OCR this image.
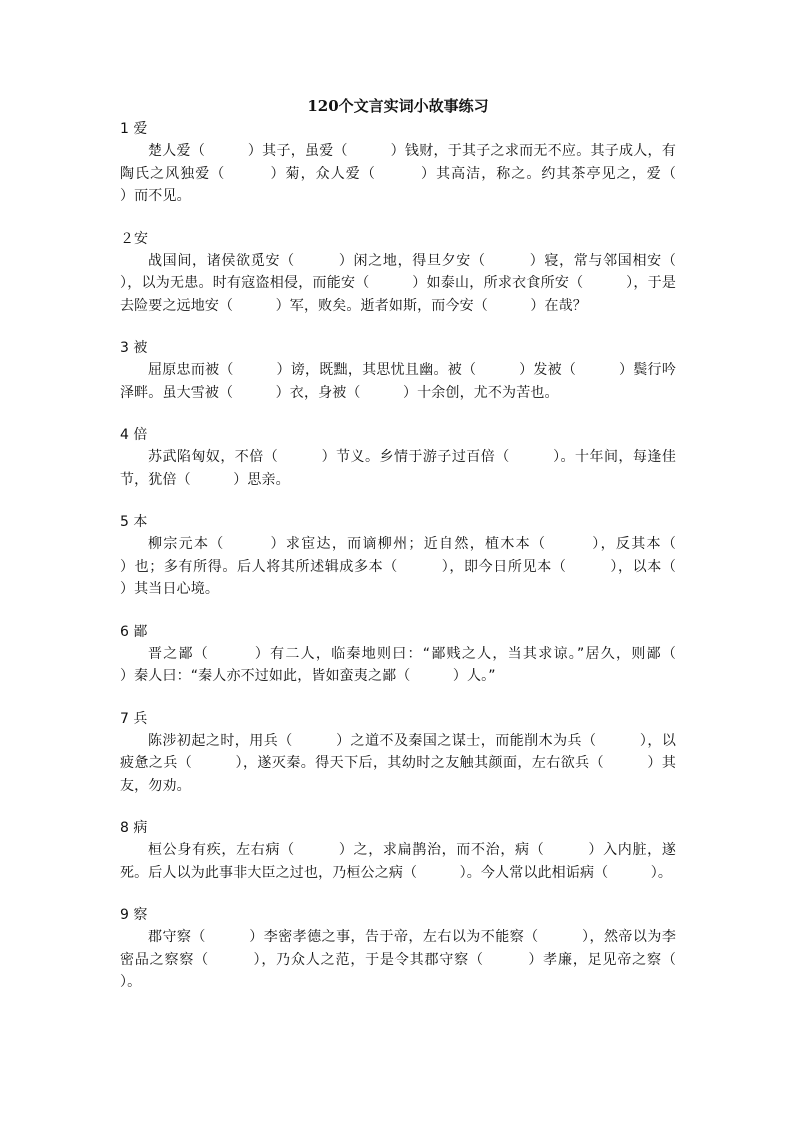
120个文言实词小故事练习
1 爱

楚人爱（　　　）其子，虽爱（　　　）钱财，于其子之求而无不应。其子成人，有陶氏之风独爱（　　　）菊，众人爱（　　　）其高洁，称之。约其茶亭见之，爱（　　　）而不见。

２安

战国间，诸侯欲觅安（　　　）闲之地，得旦夕安（　　　）寝，常与邻国相安（　　　），以为无患。时有寇盗相侵，而能安（　　　）如泰山，所求衣食所安（　　　），于是去险要之远地安（　　　）军，败矣。逝者如斯，而今安（　　　）在哉？

3 被

屈原忠而被（　　　）谤，既黜，其思忧且幽。被（　　　）发被（　　　）鬓行吟泽畔。虽大雪被（　　　）衣，身被（　　　）十余创，尤不为苦也。

4 倍

苏武陷匈奴，不倍（　　　）节义。乡情于游子过百倍（　　　）。十年间，每逢佳节，犹倍（　　　）思亲。

5 本

柳宗元本（　　　）求宦达，而谪柳州；近自然，植木本（　　　），反其本（　　　）也；多有所得。后人将其所述辑成多本（　　　），即今日所见本（　　　），以本（　　　）其当日心境。

6 鄙

晋之鄙（　　　）有二人，临秦地则曰：“鄙贱之人，当其求谅。”居久，则鄙（　　　）秦人曰：“秦人亦不过如此，皆如蛮夷之鄙（　　　）人。”

7 兵

陈涉初起之时，用兵（　　　）之道不及秦国之谋士，而能削木为兵（　　　），以疲惫之兵（　　　），遂灭秦。得天下后，其幼时之友触其颜面，左右欲兵（　　　）其友，勿劝。

8 病

桓公身有疾，左右病（　　　）之，求扁鹊治，而不治，病（　　　）入内脏，遂死。后人以为此事非大臣之过也，乃桓公之病（　　　）。今人常以此相诟病（　　　）。

9 察

郡守察（　　　）李密孝德之事，告于帝，左右以为不能察（　　　），然帝以为李密品之察察（　　　），乃众人之范，于是令其郡守察（　　　）孝廉，足见帝之察（　　　）。
